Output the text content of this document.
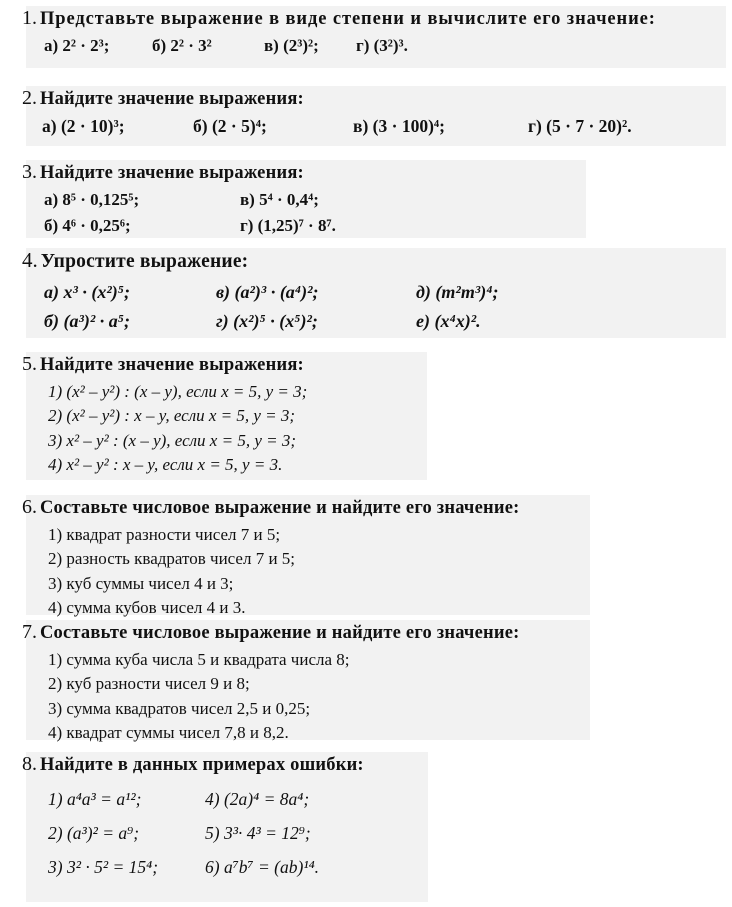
1. Представьте выражение в виде степени и вычислите его значение:
а) 2² · 2³;	б) 2² · 3²	в) (2³)²;	г) (3²)³.
2. Найдите значение выражения:
а) (2 · 10)³;	б) (2 · 5)⁴;	в) (3 · 100)⁴;	г) (5 · 7 · 20)².
3. Найдите значение выражения:
а) 8⁵ · 0,125⁵;	в) 5⁴ · 0,4⁴;
б) 4⁶ · 0,25⁶;	г) (1,25)⁷ · 8⁷.
4. Упростите выражение:
а) x³ · (x²)⁵;	в) (a²)³ · (a⁴)²;	д) (m²m³)⁴;
б) (a³)² · a⁵;	г) (x²)⁵ · (x⁵)²;	е) (x⁴x)².
5. Найдите значение выражения:
1) (x² – y²) : (x – y), если x = 5, y = 3;
2) (x² – y²) : x – y, если x = 5, y = 3;
3) x² – y² : (x – y), если x = 5, y = 3;
4) x² – y² : x – y, если x = 5, y = 3.
6. Составьте числовое выражение и найдите его значение:
1) квадрат разности чисел 7 и 5;
2) разность квадратов чисел 7 и 5;
3) куб суммы чисел 4 и 3;
4) сумма кубов чисел 4 и 3.
7. Составьте числовое выражение и найдите его значение:
1) сумма куба числа 5 и квадрата числа 8;
2) куб разности чисел 9 и 8;
3) сумма квадратов чисел 2,5 и 0,25;
4) квадрат суммы чисел 7,8 и 8,2.
8. Найдите в данных примерах ошибки:
1) a⁴a³ = a¹²;	4) (2a)⁴ = 8a⁴;
2) (a³)² = a⁹;	5) 3³· 4³ = 12⁹;
3) 3² · 5² = 15⁴;	6) a⁷b⁷ = (ab)¹⁴.
